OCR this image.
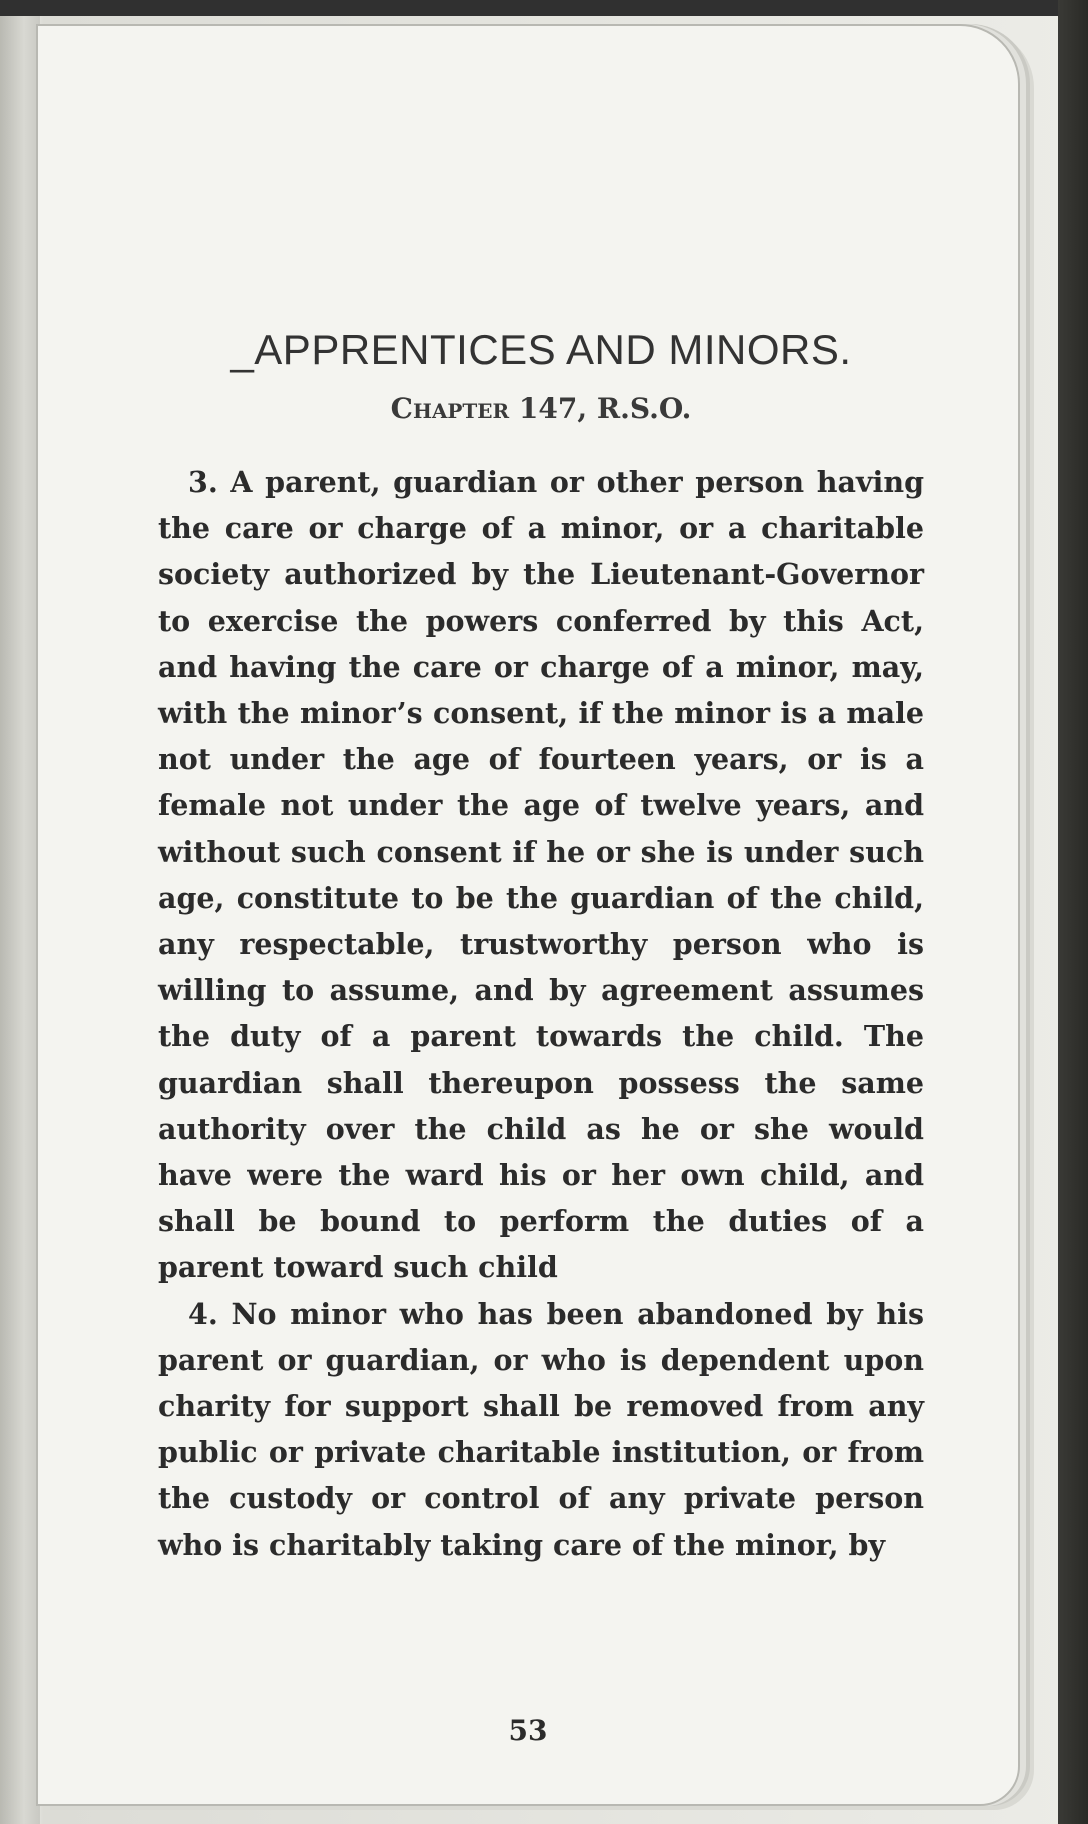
_APPRENTICES AND MINORS.
Chapter 147, R.S.O.

3. A parent, guardian or other person having the care or charge of a minor, or a charitable society authorized by the Lieutenant-Governor to exercise the powers conferred by this Act, and having the care or charge of a minor, may, with the minor’s consent, if the minor is a male not under the age of fourteen years, or is a female not under the age of twelve years, and without such consent if he or she is under such age, constitute to be the guardian of the child, any respectable, trustworthy person who is willing to assume, and by agreement assumes the duty of a parent towards the child. The guardian shall thereupon possess the same authority over the child as he or she would have were the ward his or her own child, and shall be bound to perform the duties of a parent toward such child

4. No minor who has been abandoned by his parent or guardian, or who is dependent upon charity for support shall be removed from any public or private charitable institution, or from the custody or control of any private person who is charitably taking care of the minor, by

53
